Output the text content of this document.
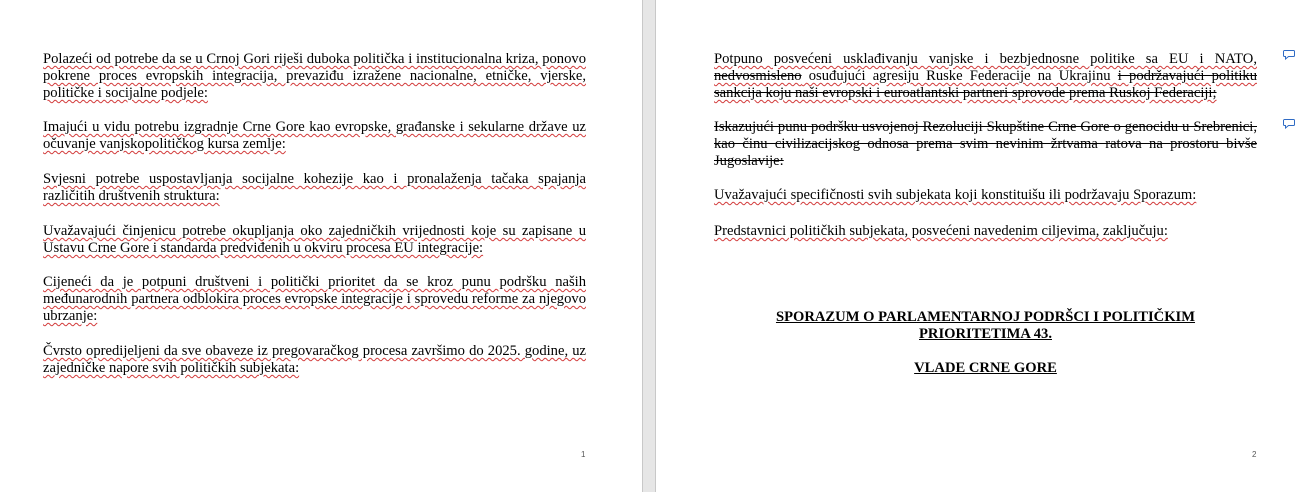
Polazeći od potrebe da se u Crnoj Gori riješi duboka politička i institucionalna kriza, ponovo pokrene proces evropskih integracija, prevaziđu izražene nacionalne, etničke, vjerske, političke i socijalne podjele:

Imajući u vidu potrebu izgradnje Crne Gore kao evropske, građanske i sekularne države uz očuvanje vanjskopolitičkog kursa zemlje:

Svjesni potrebe uspostavljanja socijalne kohezije kao i pronalaženja tačaka spajanja različitih društvenih struktura:

Uvažavajući činjenicu potrebe okupljanja oko zajedničkih vrijednosti koje su zapisane u Ustavu Crne Gore i standarda predviđenih u okviru procesa EU integracije:

Cijeneći da je potpuni društveni i politički prioritet da se kroz punu podršku naših međunarodnih partnera odblokira proces evropske integracije i sprovedu reforme za njegovo ubrzanje:

Čvrsto opredijeljeni da sve obaveze iz pregovaračkog procesa završimo do 2025. godine, uz zajedničke napore svih političkih subjekata:

1

Potpuno posvećeni usklađivanju vanjske i bezbjednosne politike sa EU i NATO, nedvosmisleno osuđujući agresiju Ruske Federacije na Ukrajinu i podržavajući politiku sankcija koju naši evropski i euroatlantski partneri sprovode prema Ruskoj Federaciji;

Iskazujući punu podršku usvojenoj Rezoluciji Skupštine Crne Gore o genocidu u Srebrenici, kao činu civilizacijskog odnosa prema svim nevinim žrtvama ratova na prostoru bivše Jugoslavije:

Uvažavajući specifičnosti svih subjekata koji konstituišu ili podržavaju Sporazum:

Predstavnici političkih subjekata, posvećeni navedenim ciljevima, zaključuju:

SPORAZUM O PARLAMENTARNOJ PODRŠCI I POLITIČKIM

PRIORITETIMA 43.

VLADE CRNE GORE

2
